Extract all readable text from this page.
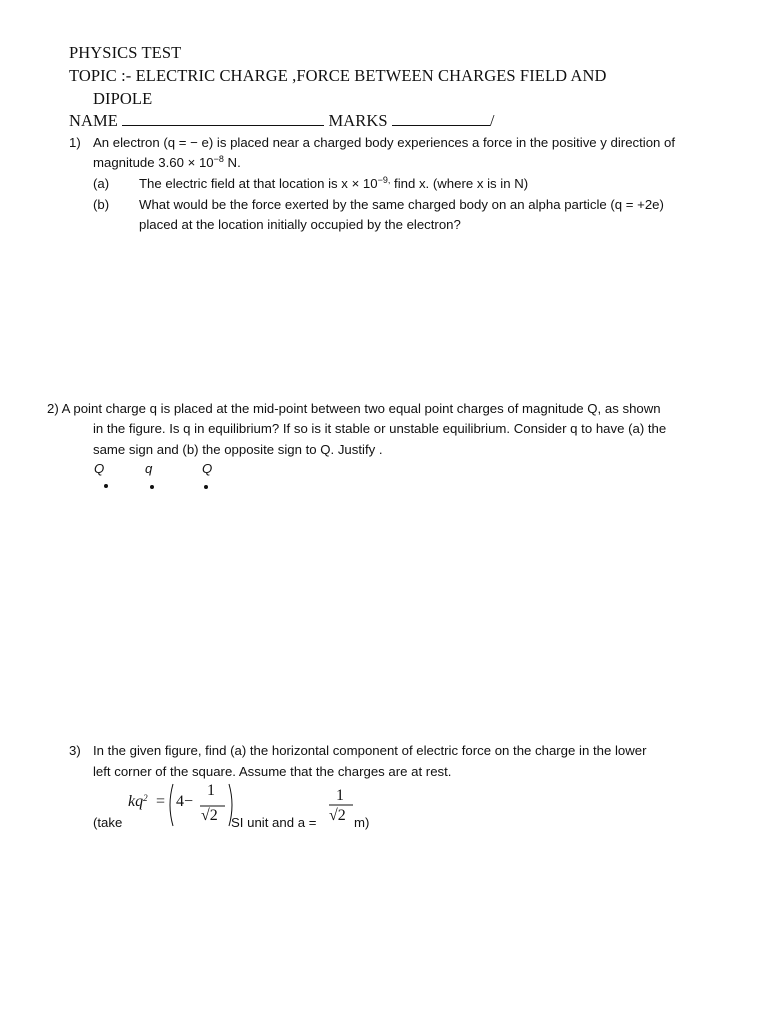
PHYSICS TEST
TOPIC :- ELECTRIC CHARGE ,FORCE BETWEEN CHARGES FIELD AND
DIPOLE
NAME	MARKS	/
1) An electron (q = − e) is placed near a charged body experiences a force in the positive y direction of
magnitude $3.60 \times 10^{-8}$ N.
(a) The electric field at that location is $x \times 10^{-9,}$ find x. (where x is in N)
(b) What would be the force exerted by the same charged body on an alpha particle (q = +2e)
placed at the location initially occupied by the electron?
2) A point charge q is placed at the mid-point between two equal point charges of magnitude Q, as shown
in the figure. Is q in equilibrium? If so is it stable or unstable equilibrium. Consider q to have (a) the
same sign and (b) the opposite sign to Q. Justify .
Q	q	Q
3) In the given figure, find (a) the horizontal component of electric force on the charge in the lower
left corner of the square. Assume that the charges are at rest.
(take
$kq^2 = 4-$
1
√2 SI unit and a =
1
√2 m)
